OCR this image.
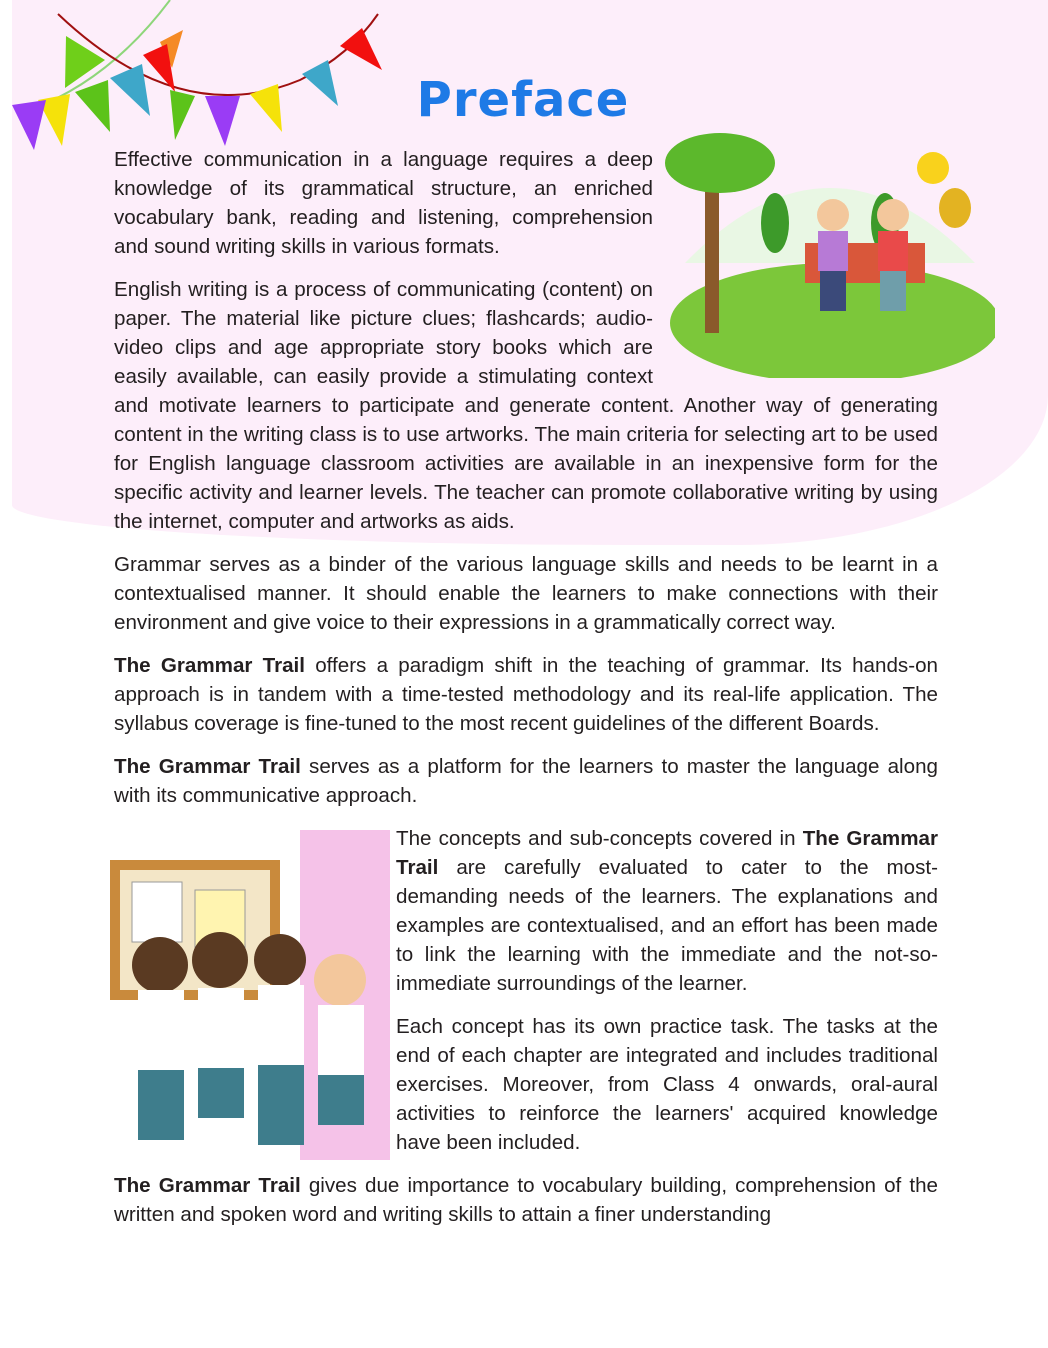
Preface

Effective communication in a language requires a deep knowledge of its grammatical structure, an enriched vocabulary bank, reading and listening, comprehension and sound writing skills in various formats.

English writing is a process of communicating (content) on paper. The material like picture clues; flashcards; audio-video clips and age appropriate story books which are easily available, can easily provide a stimulating context and motivate learners to participate and generate content. Another way of generating content in the writing class is to use artworks. The main criteria for selecting art to be used for English language classroom activities are available in an inexpensive form for the specific activity and learner levels. The teacher can promote collaborative writing by using the internet, computer and artworks as aids.

Grammar serves as a binder of the various language skills and needs to be learnt in a contextualised manner. It should enable the learners to make connections with their environment and give voice to their expressions in a grammatically correct way.

The Grammar Trail offers a paradigm shift in the teaching of grammar. Its hands-on approach is in tandem with a time-tested methodology and its real-life application. The syllabus coverage is fine-tuned to the most recent guidelines of the different Boards.

The Grammar Trail serves as a platform for the learners to master the language along with its communicative approach.

The concepts and sub-concepts covered in The Grammar Trail are carefully evaluated to cater to the most-demanding needs of the learners. The explanations and examples are contextualised, and an effort has been made to link the learning with the immediate and the not-so-immediate surroundings of the learner.

Each concept has its own practice task. The tasks at the end of each chapter are integrated and includes traditional exercises. Moreover, from Class 4 onwards, oral-aural activities to reinforce the learners' acquired knowledge have been included.

The Grammar Trail gives due importance to vocabulary building, comprehension of the written and spoken word and writing skills to attain a finer understanding
